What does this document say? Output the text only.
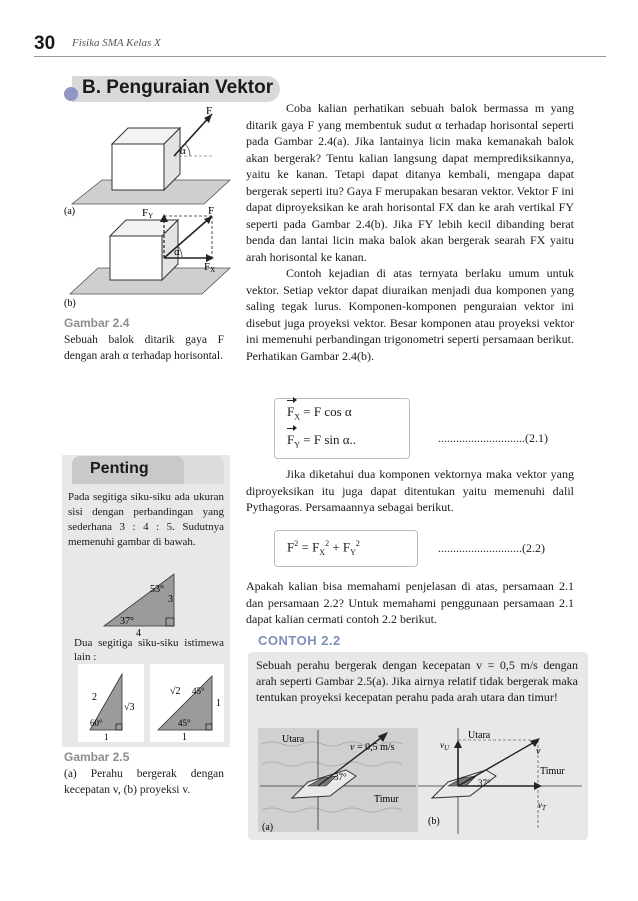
30 Fisika SMA Kelas X
B. Penguraian Vektor
F
α
(a)	F
α
FY
FX
(b)
Gambar 2.4
Sebuah balok ditarik gaya F dengan arah α terhadap horisontal.

Coba kalian perhatikan sebuah balok bermassa m yang ditarik gaya F yang membentuk sudut α terhadap horisontal seperti pada Gambar 2.4(a). Jika lantainya licin maka kemanakah balok akan bergerak? Tentu kalian langsung dapat memprediksikannya, yaitu ke kanan. Tetapi dapat ditanya kembali, mengapa dapat bergerak seperti itu? Gaya F merupakan besaran vektor. Vektor F ini dapat diproyeksikan ke arah horisontal FX dan ke arah vertikal FY seperti pada Gambar 2.4(b). Jika FY lebih kecil dibanding berat benda dan lantai licin maka balok akan bergerak searah FX yaitu arah horisontal ke kanan.

Contoh kejadian di atas ternyata berlaku umum untuk vektor. Setiap vektor dapat diuraikan menjadi dua komponen yang saling tegak lurus. Komponen-komponen penguraian vektor ini disebut juga proyeksi vektor. Besar komponen atau proyeksi vektor ini memenuhi perbandingan trigonometri seperti persamaan berikut. Perhatikan Gambar 2.4(b).

$F_X = F$ cos α
$F_Y = F$ sin α..	.............................(2.1)

Jika diketahui dua komponen vektornya maka vektor yang diproyeksikan itu juga dapat ditentukan yaitu memenuhi dalil Pythagoras. Persamaannya sebagai berikut.

$F^2 = F_X^2 + F_Y^2$	............................(2.2)

Apakah kalian bisa memahami penjelasan di atas, persamaan 2.1 dan persamaan 2.2? Untuk memahami penggunaan persamaan 2.1 dapat kalian cermati contoh 2.2 berikut.

Penting
Pada segitiga siku-siku ada ukuran sisi dengan perbandingan yang sederhana 3 : 4 : 5. Sudutnya memenuhi gambar di bawah.
53°
37°
3
4
Dua segitiga siku-siku istimewa lain :
2
60°
√3
1
√2 45°
45°
1
1
Gambar 2.5
(a) Perahu bergerak dengan kecepatan v, (b) proyeksi v.
CONTOH 2.2
Sebuah perahu bergerak dengan kecepatan v = 0,5 m/s dengan arah seperti Gambar 2.5(a). Jika airnya relatif tidak bergerak maka tentukan proyeksi kecepatan perahu pada arah utara dan timur!
Utara
v = 0,5 m/s
37°
Timur
(a)
Utara
$v_U$	v
37°
Timur
$v_T$
(b)
